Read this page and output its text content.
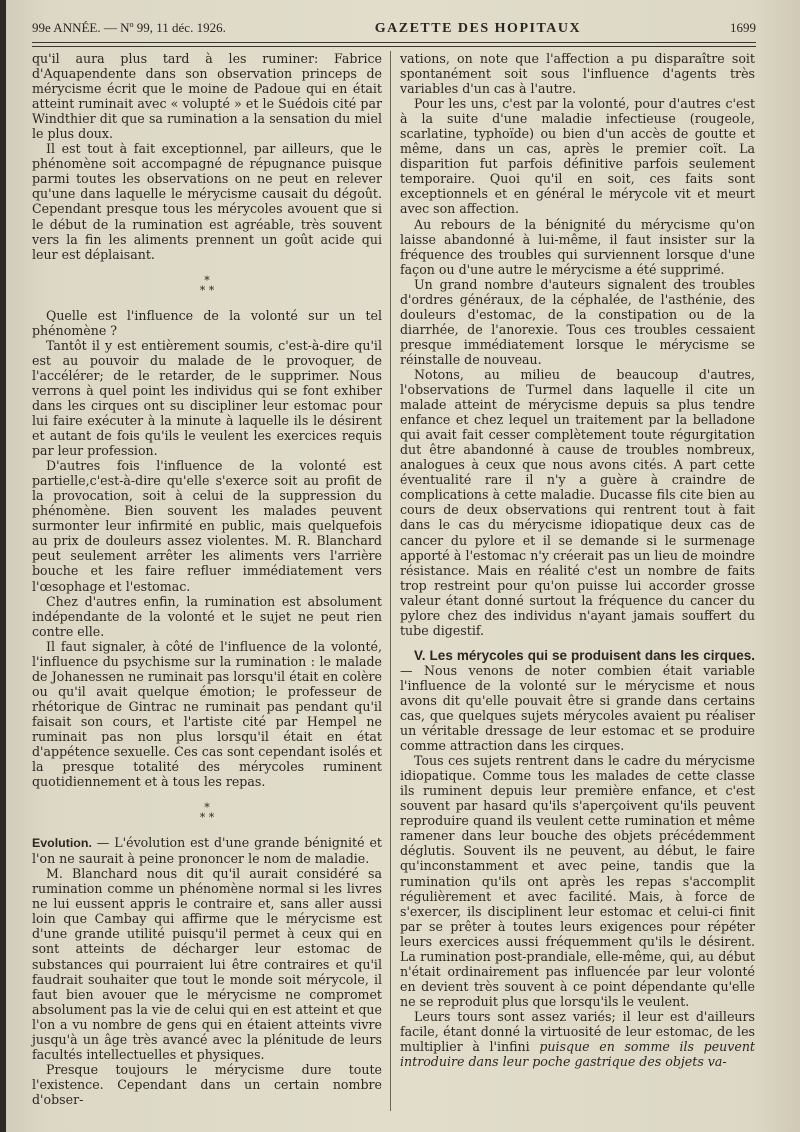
99e ANNÉE. — Nº 99, 11 déc. 1926.	GAZETTE DES HOPITAUX	1699

qu'il aura plus tard à les ruminer: Fabrice d'Aquapendente dans son observation princeps de mérycisme écrit que le moine de Padoue qui en était atteint ruminait avec « volupté » et le Suédois cité par Windthier dit que sa rumination a la sensation du miel le plus doux.

Il est tout à fait exceptionnel, par ailleurs, que le phénomène soit accompagné de répugnance puisque parmi toutes les observations on ne peut en relever qu'une dans laquelle le mérycisme causait du dégoût. Cependant presque tous les mérycoles avouent que si le début de la rumination est agréable, très souvent vers la fin les aliments prennent un goût acide qui leur est déplaisant.

*
* *

Quelle est l'influence de la volonté sur un tel phénomène ?

Tantôt il y est entièrement soumis, c'est-à-dire qu'il est au pouvoir du malade de le provoquer, de l'accélérer; de le retarder, de le supprimer. Nous verrons à quel point les individus qui se font exhiber dans les cirques ont su discipliner leur estomac pour lui faire exécuter à la minute à laquelle ils le désirent et autant de fois qu'ils le veulent les exercices requis par leur profession.

D'autres fois l'influence de la volonté est partielle,c'est-à-dire qu'elle s'exerce soit au profit de la provocation, soit à celui de la suppression du phénomène. Bien souvent les malades peuvent surmonter leur infirmité en public, mais quelquefois au prix de douleurs assez violentes. M. R. Blanchard peut seulement arrêter les aliments vers l'arrière bouche et les faire refluer immédiatement vers l'œsophage et l'estomac.

Chez d'autres enfin, la rumination est absolument indépendante de la volonté et le sujet ne peut rien contre elle.

Il faut signaler, à côté de l'influence de la volonté, l'influence du psychisme sur la rumination : le malade de Johanessen ne ruminait pas lorsqu'il était en colère ou qu'il avait quelque émotion; le professeur de rhétorique de Gintrac ne ruminait pas pendant qu'il faisait son cours, et l'artiste cité par Hempel ne ruminait pas non plus lorsqu'il était en état d'appétence sexuelle. Ces cas sont cependant isolés et la presque totalité des mérycoles ruminent quotidiennement et à tous les repas.

*
* *

Evolution. — L'évolution est d'une grande bénignité et l'on ne saurait à peine prononcer le nom de maladie.

M. Blanchard nous dit qu'il aurait considéré sa rumination comme un phénomène normal si les livres ne lui eussent appris le contraire et, sans aller aussi loin que Cambay qui affirme que le mérycisme est d'une grande utilité puisqu'il permet à ceux qui en sont atteints de décharger leur estomac de substances qui pourraient lui être contraires et qu'il faudrait souhaiter que tout le monde soit mérycole, il faut bien avouer que le mérycisme ne compromet absolument pas la vie de celui qui en est atteint et que l'on a vu nombre de gens qui en étaient atteints vivre jusqu'à un âge très avancé avec la plénitude de leurs facultés intellectuelles et physiques.

Presque toujours le mérycisme dure toute l'existence. Cependant dans un certain nombre d'obser-

vations, on note que l'affection a pu disparaître soit spontanément soit sous l'influence d'agents très variables d'un cas à l'autre.

Pour les uns, c'est par la volonté, pour d'autres c'est à la suite d'une maladie infectieuse (rougeole, scarlatine, typhoïde) ou bien d'un accès de goutte et même, dans un cas, après le premier coït. La disparition fut parfois définitive parfois seulement temporaire. Quoi qu'il en soit, ces faits sont exceptionnels et en général le mérycole vit et meurt avec son affection.

Au rebours de la bénignité du mérycisme qu'on laisse abandonné à lui-même, il faut insister sur la fréquence des troubles qui surviennent lorsque d'une façon ou d'une autre le mérycisme a été supprimé.

Un grand nombre d'auteurs signalent des troubles d'ordres généraux, de la céphalée, de l'asthénie, des douleurs d'estomac, de la constipation ou de la diarrhée, de l'anorexie. Tous ces troubles cessaient presque immédiatement lorsque le mérycisme se réinstalle de nouveau.

Notons, au milieu de beaucoup d'autres, l'observations de Turmel dans laquelle il cite un malade atteint de mérycisme depuis sa plus tendre enfance et chez lequel un traitement par la belladone qui avait fait cesser complètement toute régurgitation dut être abandonné à cause de troubles nombreux, analogues à ceux que nous avons cités. A part cette éventualité rare il n'y a guère à craindre de complications à cette maladie. Ducasse fils cite bien au cours de deux observations qui rentrent tout à fait dans le cas du mérycisme idiopatique deux cas de cancer du pylore et il se demande si le surmenage apporté à l'estomac n'y créerait pas un lieu de moindre résistance. Mais en réalité c'est un nombre de faits trop restreint pour qu'on puisse lui accorder grosse valeur étant donné surtout la fréquence du cancer du pylore chez des individus n'ayant jamais souffert du tube digestif.

V. Les mérycoles qui se produisent dans les cirques. — Nous venons de noter combien était variable l'influence de la volonté sur le mérycisme et nous avons dit qu'elle pouvait être si grande dans certains cas, que quelques sujets mérycoles avaient pu réaliser un véritable dressage de leur estomac et se produire comme attraction dans les cirques.

Tous ces sujets rentrent dans le cadre du mérycisme idiopatique. Comme tous les malades de cette classe ils ruminent depuis leur première enfance, et c'est souvent par hasard qu'ils s'aperçoivent qu'ils peuvent reproduire quand ils veulent cette rumination et même ramener dans leur bouche des objets précédemment déglutis. Souvent ils ne peuvent, au début, le faire qu'inconstamment et avec peine, tandis que la rumination qu'ils ont après les repas s'accomplit régulièrement et avec facilité. Mais, à force de s'exercer, ils disciplinent leur estomac et celui-ci finit par se prêter à toutes leurs exigences pour répéter leurs exercices aussi fréquemment qu'ils le désirent. La rumination post-prandiale, elle-même, qui, au début n'était ordinairement pas influencée par leur volonté en devient très souvent à ce point dépendante qu'elle ne se reproduit plus que lorsqu'ils le veulent.

Leurs tours sont assez variés; il leur est d'ailleurs facile, étant donné la virtuosité de leur estomac, de les multiplier à l'infini puisque en somme ils peuvent introduire dans leur poche gastrique des objets va-
